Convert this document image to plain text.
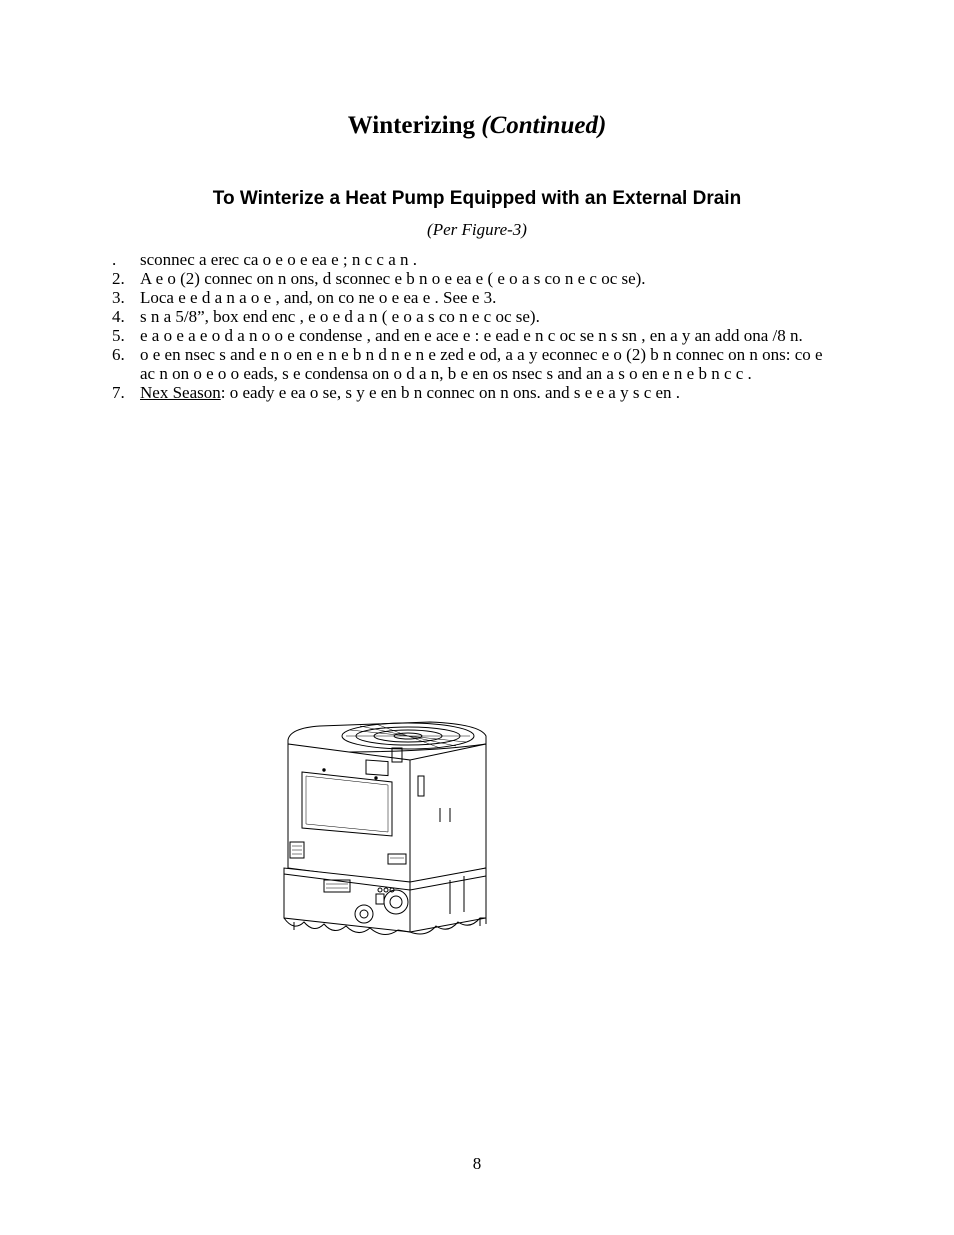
Winterizing (Continued)
To Winterize a Heat Pump Equipped with an External Drain
(Per Figure-3)
. sconnec a erec ca o e o e ea e ; n c c a n .
2. A e o (2) connec on n ons, d sconnec e b n o e ea e ( e o a s co n e c oc se).
3. Loca e e d a n a o e , and, on co ne o e ea e . See e 3.
4. s n a 5/8”, box end enc , e o e d a n ( e o a s co n e c oc se).
5. e a o e a e o d a n o o e condense , and en e ace e : e ead e n c oc se n s sn , en a y an add ona /8 n.
6. o e en nsec s and e n o en e n e b n d n e n e zed e od, a a y econnec e o (2) b n connec on n ons: co e ac n on o e o o eads, s e condensa on o d a n, b e en os nsec s and an a s o en e n e b n c c .
7. Nex Season: o eady e ea o se, s y e en b n connec on n ons. and s e e a y s c en .
8
